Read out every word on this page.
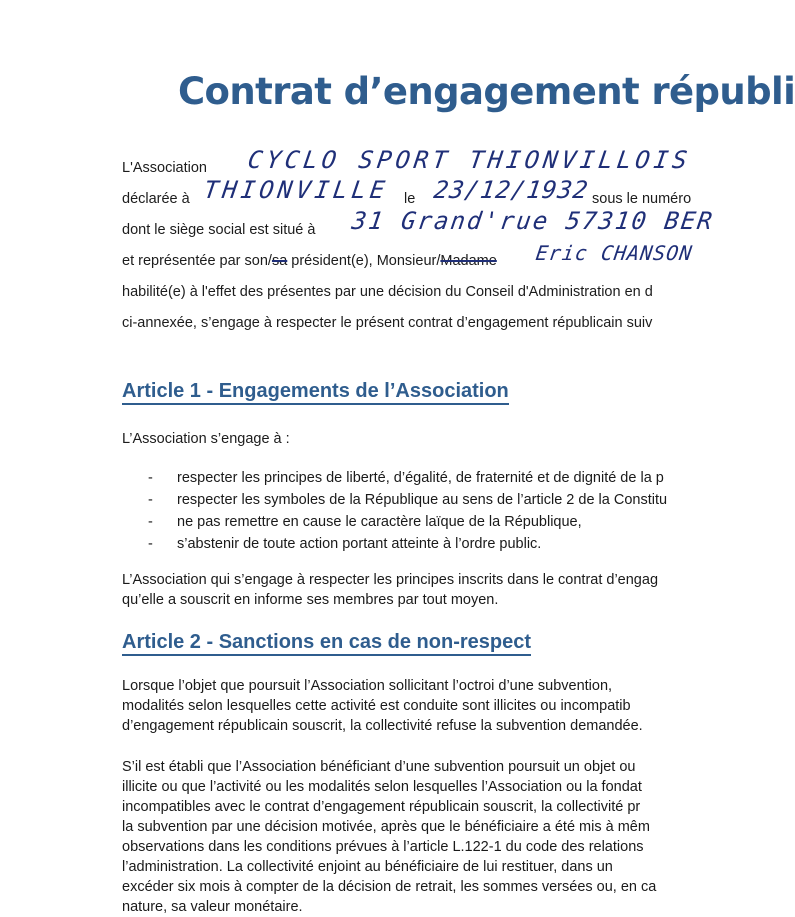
Contrat d’engagement républi
L'Association CYCLO SPORT THIONVILLOIS
déclarée à THIONVILLE le 23/12/1932 sous le numéro
dont le siège social est situé à 31 Grand'rue 57310 BER
et représentée par son/sa président(e), Monsieur/Madame Eric CHANSON
habilité(e) à l'effet des présentes par une décision du Conseil d'Administration en d
ci-annexée, s’engage à respecter le présent contrat d’engagement républicain suiv
Article 1 - Engagements de l’Association
L’Association s’engage à :
- respecter les principes de liberté, d’égalité, de fraternité et de dignité de la p
- respecter les symboles de la République au sens de l’article 2 de la Constitu
- ne pas remettre en cause le caractère laïque de la République,
- s’abstenir de toute action portant atteinte à l’ordre public.
L’Association qui s’engage à respecter les principes inscrits dans le contrat d’engag
qu’elle a souscrit en informe ses membres par tout moyen.
Article 2 - Sanctions en cas de non-respect
Lorsque l’objet que poursuit l’Association sollicitant l’octroi d’une subvention,
modalités selon lesquelles cette activité est conduite sont illicites ou incompatib
d’engagement républicain souscrit, la collectivité refuse la subvention demandée.
S’il est établi que l’Association bénéficiant d’une subvention poursuit un objet ou
illicite ou que l’activité ou les modalités selon lesquelles l’Association ou la fondat
incompatibles avec le contrat d’engagement républicain souscrit, la collectivité pr
la subvention par une décision motivée, après que le bénéficiaire a été mis à mêm
observations dans les conditions prévues à l’article L.122-1 du code des relations
l’administration. La collectivité enjoint au bénéficiaire de lui restituer, dans un
excéder six mois à compter de la décision de retrait, les sommes versées ou, en ca
nature, sa valeur monétaire.
